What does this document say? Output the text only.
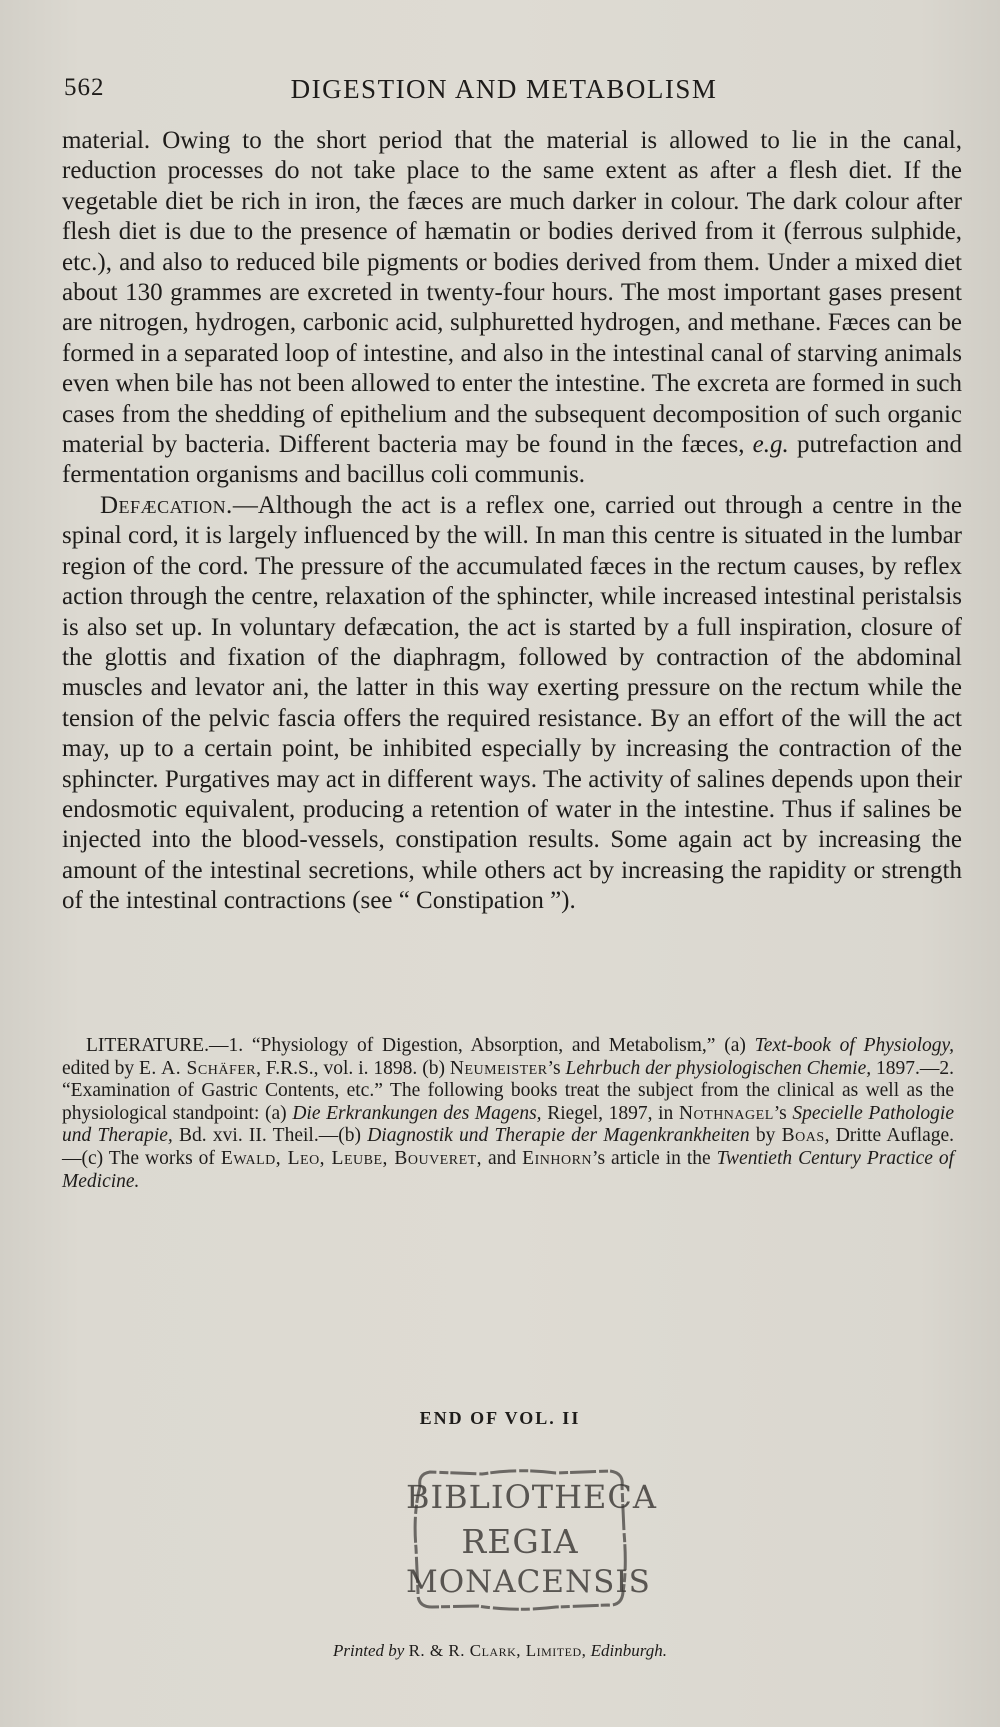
562	DIGESTION AND METABOLISM

material. Owing to the short period that the material is allowed to lie in the canal, reduction processes do not take place to the same extent as after a flesh diet. If the vegetable diet be rich in iron, the fæces are much darker in colour. The dark colour after flesh diet is due to the presence of hæmatin or bodies derived from it (ferrous sulphide, etc.), and also to reduced bile pigments or bodies derived from them. Under a mixed diet about 130 grammes are excreted in twenty-four hours. The most important gases present are nitrogen, hydrogen, carbonic acid, sulphuretted hydrogen, and methane. Fæces can be formed in a separated loop of intestine, and also in the intestinal canal of starving animals even when bile has not been allowed to enter the intestine. The excreta are formed in such cases from the shedding of epithelium and the subsequent decomposition of such organic material by bacteria. Different bacteria may be found in the fæces, e.g. putrefaction and fermentation organisms and bacillus coli communis.

Defæcation.—Although the act is a reflex one, carried out through a centre in the spinal cord, it is largely influenced by the will. In man this centre is situated in the lumbar region of the cord. The pressure of the accumulated fæces in the rectum causes, by reflex action through the centre, relaxation of the sphincter, while increased intestinal peristalsis is also set up. In voluntary defæcation, the act is started by a full inspiration, closure of the glottis and fixation of the diaphragm, followed by contraction of the abdominal muscles and levator ani, the latter in this way exerting pressure on the rectum while the tension of the pelvic fascia offers the required resistance. By an effort of the will the act may, up to a certain point, be inhibited especially by increasing the contraction of the sphincter. Purgatives may act in different ways. The activity of salines depends upon their endosmotic equivalent, producing a retention of water in the intestine. Thus if salines be injected into the blood-vessels, constipation results. Some again act by increasing the amount of the intestinal secretions, while others act by increasing the rapidity or strength of the intestinal contractions (see “ Constipation ”).

LITERATURE.—1. “Physiology of Digestion, Absorption, and Metabolism,” (a) Text-book of Physiology, edited by E. A. Schäfer, F.R.S., vol. i. 1898. (b) Neumeister’s Lehrbuch der physiologischen Chemie, 1897.—2. “Examination of Gastric Contents, etc.” The following books treat the subject from the clinical as well as the physiological standpoint: (a) Die Erkrankungen des Magens, Riegel, 1897, in Nothnagel’s Specielle Pathologie und Therapie, Bd. xvi. II. Theil.—(b) Diagnostik und Therapie der Magenkrankheiten by Boas, Dritte Auflage.—(c) The works of Ewald, Leo, Leube, Bouveret, and Einhorn’s article in the Twentieth Century Practice of Medicine.
END OF VOL. II
BIBLIOTHECA
REGIA
MONACENSIS
Printed by R. & R. Clark, Limited, Edinburgh.
